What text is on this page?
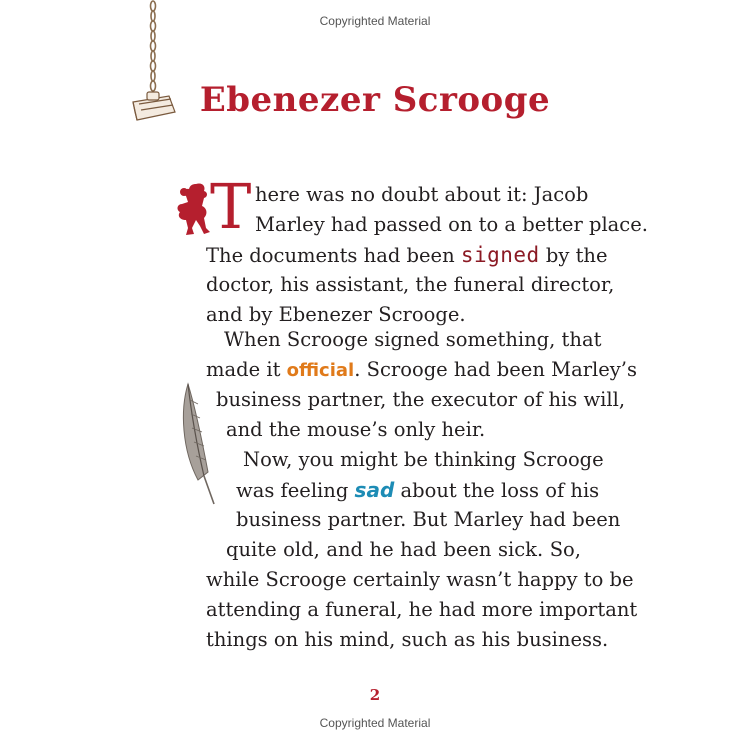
Copyrighted Material
Ebenezer Scrooge
T here was no doubt about it: Jacob
Marley had passed on to a better place.
The documents had been signed by the
doctor, his assistant, the funeral director,
and by Ebenezer Scrooge.
When Scrooge signed something, that
made it official. Scrooge had been Marley’s
business partner, the executor of his will,
and the mouse’s only heir.
Now, you might be thinking Scrooge
was feeling sad about the loss of his
business partner. But Marley had been
quite old, and he had been sick. So,
while Scrooge certainly wasn’t happy to be
attending a funeral, he had more important
things on his mind, such as his business.
2
Copyrighted Material
